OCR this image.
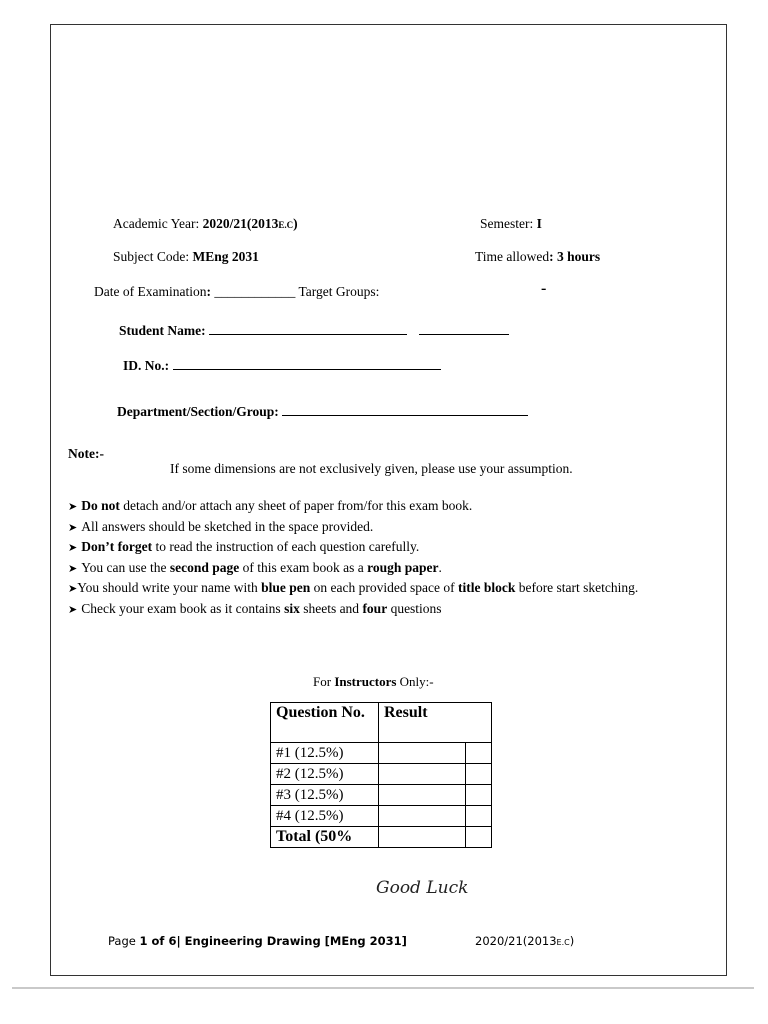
Academic Year: 2020/21(2013E.C)	Semester: I
Subject Code: MEng 2031	Time allowed: 3 hours
Date of Examination: ____________ Target Groups:	-
Student Name:
ID. No.:
Department/Section/Group:
Note:-
If some dimensions are not exclusively given, please use your assumption.
➤ Do not detach and/or attach any sheet of paper from/for this exam book.
➤ All answers should be sketched in the space provided.
➤ Don’t forget to read the instruction of each question carefully.
➤ You can use the second page of this exam book as a rough paper.
➤You should write your name with blue pen on each provided space of title block before start sketching.
➤ Check your exam book as it contains six sheets and four questions
For Instructors Only:-
Question No.	Result
#1 (12.5%)	
#2 (12.5%)	
#3 (12.5%)	
#4 (12.5%)	
Total (50%	
Good Luck
Page 1 of 6| Engineering Drawing [MEng 2031]	2020/21(2013E.C)
